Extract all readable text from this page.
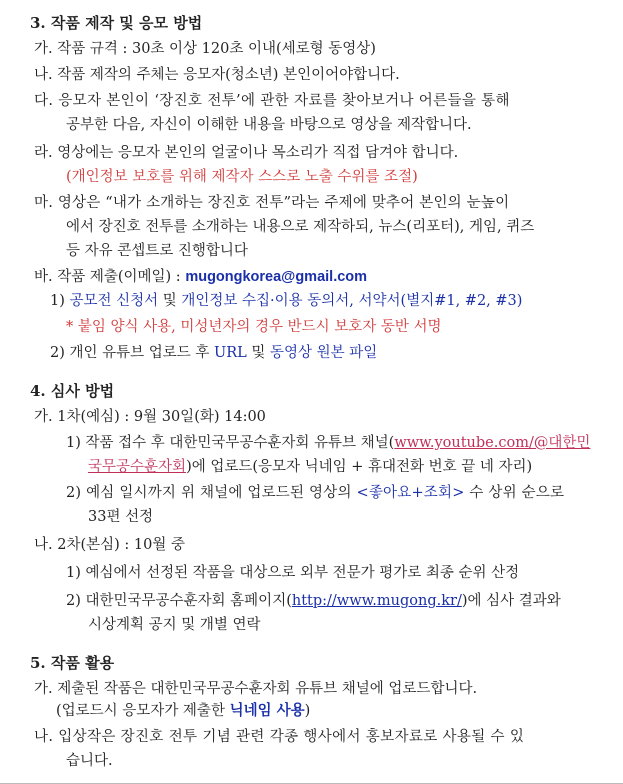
3. 작품 제작 및 응모 방법
가. 작품 규격 : 30초 이상 120초 이내(세로형 동영상)
나. 작품 제작의 주체는 응모자(청소년) 본인이어야합니다.
다. 응모자 본인이 ‘장진호 전투’에 관한 자료를 찾아보거나 어른들을 통해
공부한 다음, 자신이 이해한 내용을 바탕으로 영상을 제작합니다.
라. 영상에는 응모자 본인의 얼굴이나 목소리가 직접 담겨야 합니다.
(개인정보 보호를 위해 제작자 스스로 노출 수위를 조절)
마. 영상은 “내가 소개하는 장진호 전투”라는 주제에 맞추어 본인의 눈높이
에서 장진호 전투를 소개하는 내용으로 제작하되, 뉴스(리포터), 게임, 퀴즈
등 자유 콘셉트로 진행합니다
바. 작품 제출(이메일) : mugongkorea@gmail.com
1) 공모전 신청서 및 개인정보 수집·이용 동의서, 서약서(별지#1, #2, #3)
* 붙임 양식 사용, 미성년자의 경우 반드시 보호자 동반 서명
2) 개인 유튜브 업로드 후 URL 및 동영상 원본 파일
4. 심사 방법
가. 1차(예심) : 9월 30일(화) 14:00
1) 작품 접수 후 대한민국무공수훈자회 유튜브 채널(www.youtube.com/@대한민
국무공수훈자회)에 업로드(응모자 닉네임 + 휴대전화 번호 끝 네 자리)
2) 예심 일시까지 위 채널에 업로드된 영상의 <좋아요+조회> 수 상위 순으로
33편 선정
나. 2차(본심) : 10월 중
1) 예심에서 선정된 작품을 대상으로 외부 전문가 평가로 최종 순위 산정
2) 대한민국무공수훈자회 홈페이지(http://www.mugong.kr/)에 심사 결과와
시상계획 공지 및 개별 연락
5. 작품 활용
가. 제출된 작품은 대한민국무공수훈자회 유튜브 채널에 업로드합니다.
(업로드시 응모자가 제출한 닉네임 사용)
나. 입상작은 장진호 전투 기념 관련 각종 행사에서 홍보자료로 사용될 수 있
습니다.
